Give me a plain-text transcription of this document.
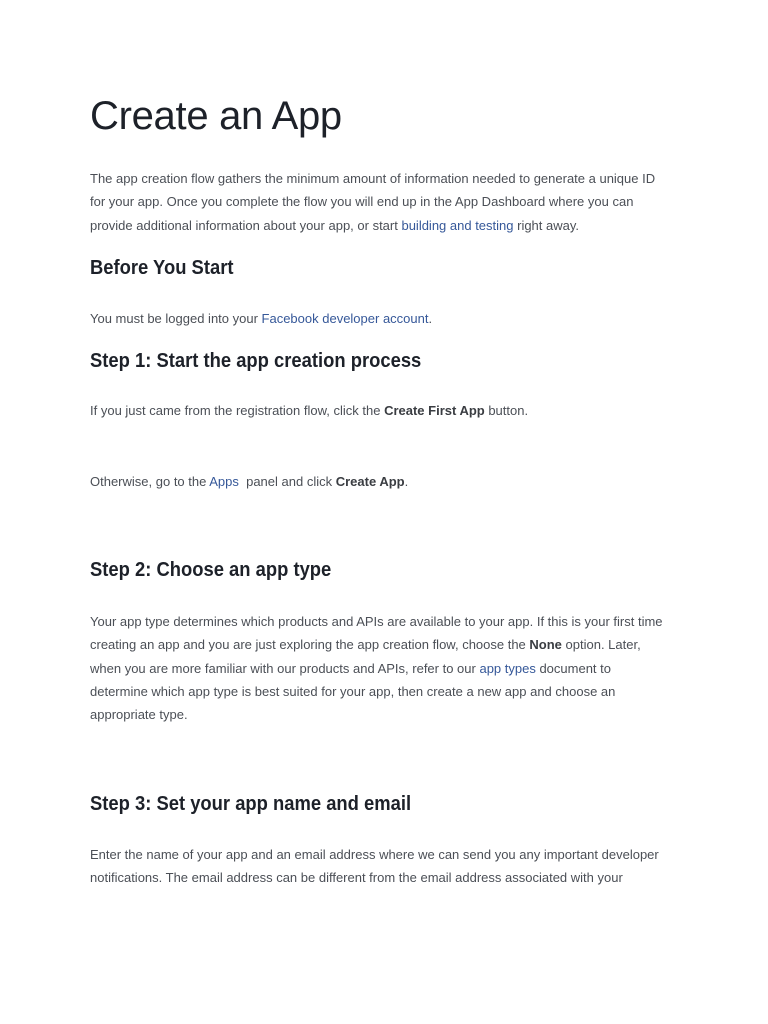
Create an App
The app creation flow gathers the minimum amount of information needed to generate a unique ID
for your app. Once you complete the flow you will end up in the App Dashboard where you can
provide additional information about your app, or start building and testing right away.
Before You Start
You must be logged into your Facebook developer account.
Step 1: Start the app creation process
If you just came from the registration flow, click the Create First App button.
Otherwise, go to the Apps  panel and click Create App.
Step 2: Choose an app type
Your app type determines which products and APIs are available to your app. If this is your first time
creating an app and you are just exploring the app creation flow, choose the None option. Later,
when you are more familiar with our products and APIs, refer to our app types document to
determine which app type is best suited for your app, then create a new app and choose an
appropriate type.
Step 3: Set your app name and email
Enter the name of your app and an email address where we can send you any important developer
notifications. The email address can be different from the email address associated with your
